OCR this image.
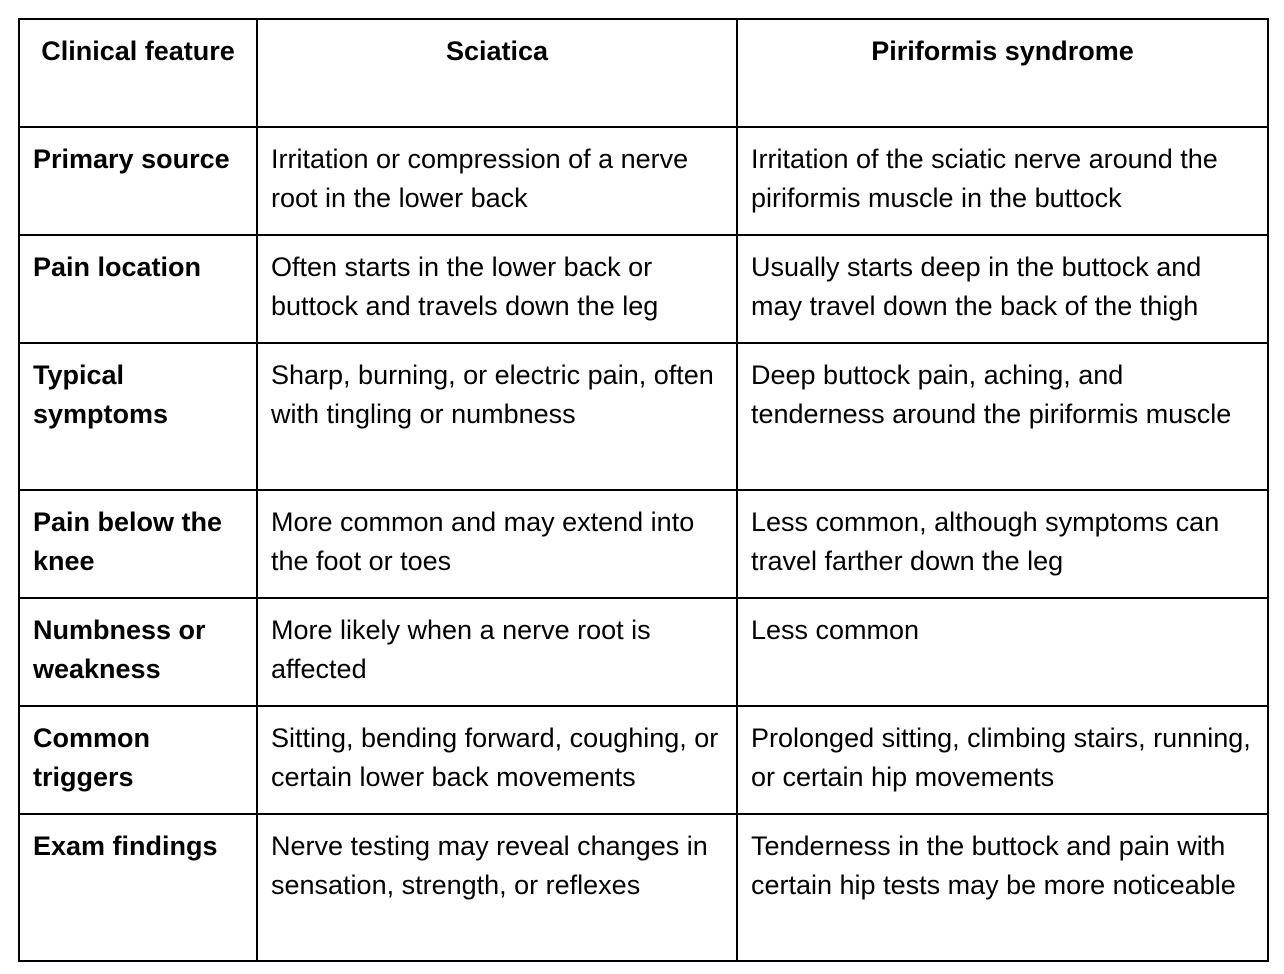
Clinical feature	Sciatica	Piriformis syndrome
Primary source	Irritation or compression of a nerve root in the lower back	Irritation of the sciatic nerve around the piriformis muscle in the buttock
Pain location	Often starts in the lower back or buttock and travels down the leg	Usually starts deep in the buttock and may travel down the back of the thigh
Typical symptoms	Sharp, burning, or electric pain, often with tingling or numbness	Deep buttock pain, aching, and tenderness around the piriformis muscle
Pain below the knee	More common and may extend into the foot or toes	Less common, although symptoms can travel farther down the leg
Numbness or weakness	More likely when a nerve root is affected	Less common
Common triggers	Sitting, bending forward, coughing, or certain lower back movements	Prolonged sitting, climbing stairs, running, or certain hip movements
Exam findings	Nerve testing may reveal changes in sensation, strength, or reflexes	Tenderness in the buttock and pain with certain hip tests may be more noticeable
